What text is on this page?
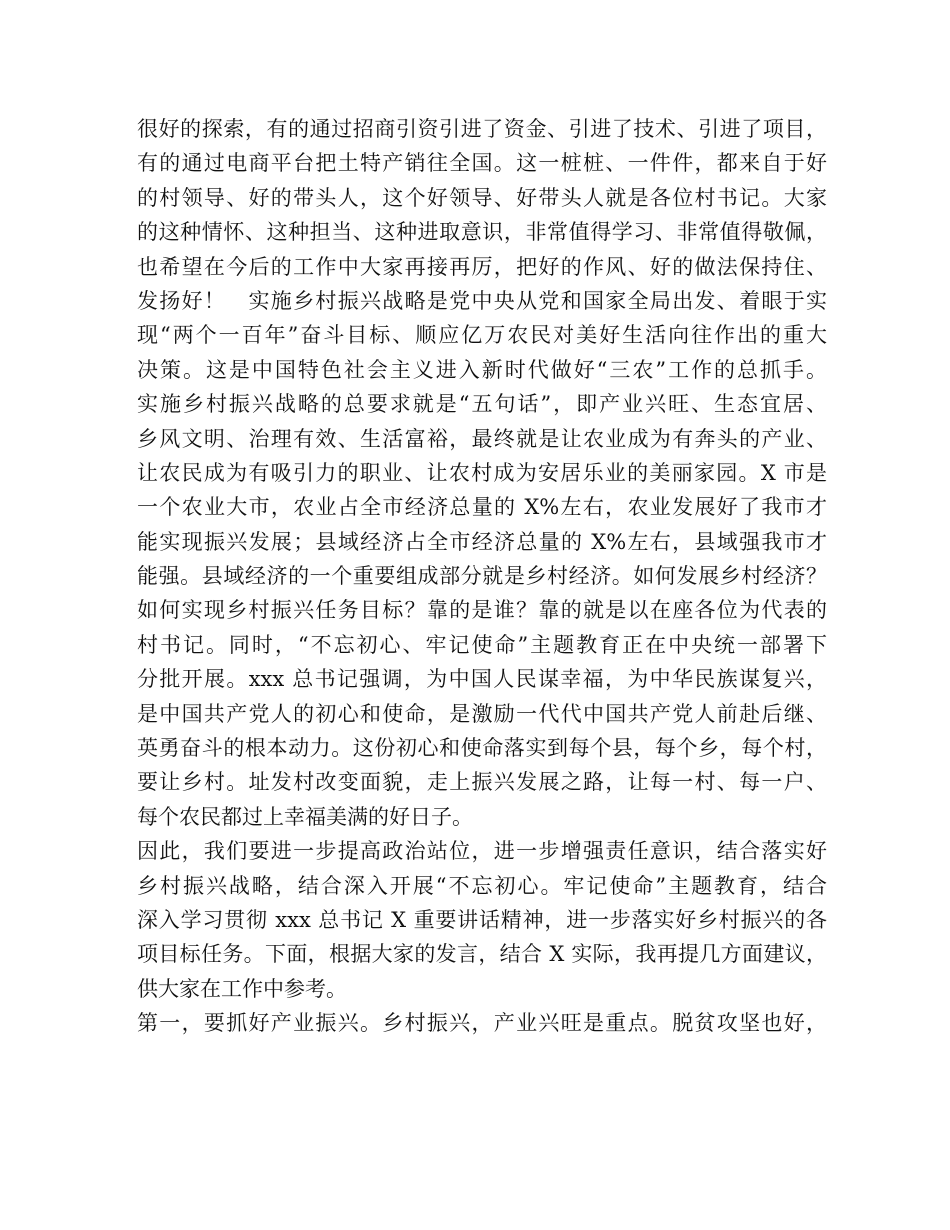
很好的探索，有的通过招商引资引进了资金、引进了技术、引进了项目，
有的通过电商平台把土特产销往全国。这一桩桩、一件件，都来自于好
的村领导、好的带头人，这个好领导、好带头人就是各位村书记。大家
的这种情怀、这种担当、这种进取意识，非常值得学习、非常值得敬佩，
也希望在今后的工作中大家再接再厉，把好的作风、好的做法保持住、
发扬好！　实施乡村振兴战略是党中央从党和国家全局出发、着眼于实
现“两个一百年”奋斗目标、顺应亿万农民对美好生活向往作出的重大
决策。这是中国特色社会主义进入新时代做好“三农”工作的总抓手。
实施乡村振兴战略的总要求就是“五句话”，即产业兴旺、生态宜居、
乡风文明、治理有效、生活富裕，最终就是让农业成为有奔头的产业、
让农民成为有吸引力的职业、让农村成为安居乐业的美丽家园。X 市是
一个农业大市，农业占全市经济总量的 X%左右，农业发展好了我市才
能实现振兴发展；县域经济占全市经济总量的 X%左右，县域强我市才
能强。县域经济的一个重要组成部分就是乡村经济。如何发展乡村经济？
如何实现乡村振兴任务目标？靠的是谁？靠的就是以在座各位为代表的
村书记。同时，“不忘初心、牢记使命”主题教育正在中央统一部署下
分批开展。xxx 总书记强调，为中国人民谋幸福，为中华民族谋复兴，
是中国共产党人的初心和使命，是激励一代代中国共产党人前赴后继、
英勇奋斗的根本动力。这份初心和使命落实到每个县，每个乡，每个村，
要让乡村。址发村改变面貌，走上振兴发展之路，让每一村、每一户、
每个农民都过上幸福美满的好日子。
因此，我们要进一步提高政治站位，进一步增强责任意识，结合落实好
乡村振兴战略，结合深入开展“不忘初心。牢记使命”主题教育，结合
深入学习贯彻 xxx 总书记 X 重要讲话精神，进一步落实好乡村振兴的各
项目标任务。下面，根据大家的发言，结合 X 实际，我再提几方面建议，
供大家在工作中参考。
第一，要抓好产业振兴。乡村振兴，产业兴旺是重点。脱贫攻坚也好，
